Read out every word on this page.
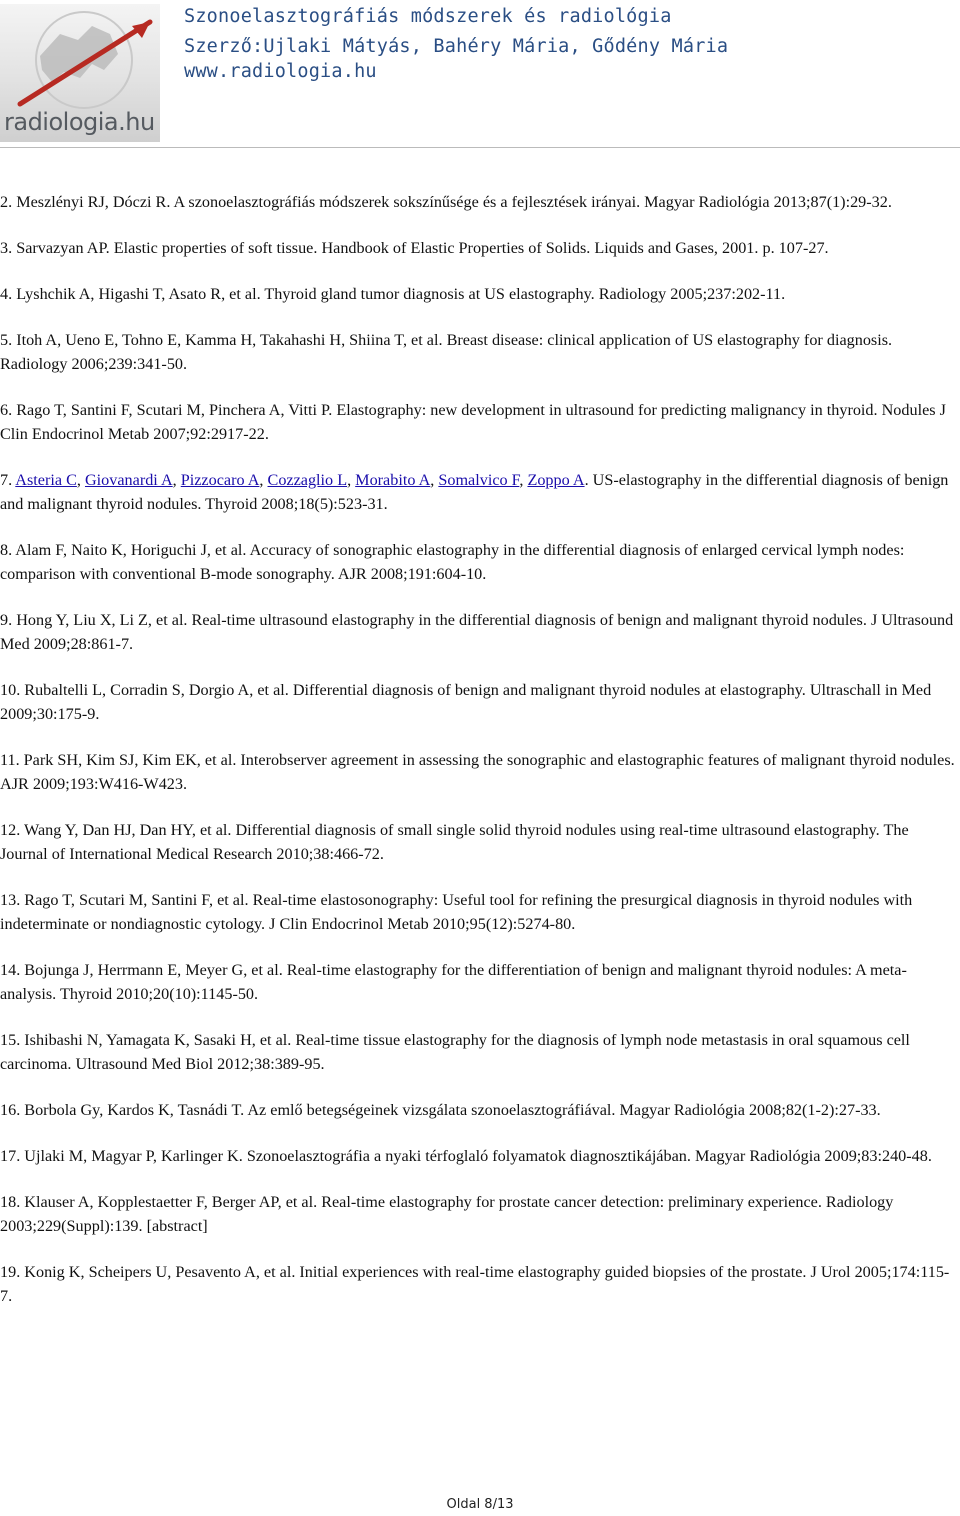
radiologia.hu
Szonoelasztográfiás módszerek és radiológia
Szerző:Ujlaki Mátyás, Bahéry Mária, Gődény Mária
www.radiologia.hu

2. Meszlényi RJ, Dóczi R. A szonoelasztográfiás módszerek sokszínűsége és a fejlesztések irányai. Magyar Radiológia 2013;87(1):29-32.

3. Sarvazyan AP. Elastic properties of soft tissue. Handbook of Elastic Properties of Solids. Liquids and Gases, 2001. p. 107-27.

4. Lyshchik A, Higashi T, Asato R, et al. Thyroid gland tumor diagnosis at US elastography. Radiology 2005;237:202-11.

5. Itoh A, Ueno E, Tohno E, Kamma H, Takahashi H, Shiina T, et al. Breast disease: clinical application of US elastography for diagnosis. Radiology 2006;239:341-50.

6. Rago T, Santini F, Scutari M, Pinchera A, Vitti P. Elastography: new development in ultrasound for predicting malignancy in thyroid. Nodules J Clin Endocrinol Metab 2007;92:2917-22.

7. Asteria C, Giovanardi A, Pizzocaro A, Cozzaglio L, Morabito A, Somalvico F, Zoppo A. US-elastography in the differential diagnosis of benign and malignant thyroid nodules. Thyroid 2008;18(5):523-31.

8. Alam F, Naito K, Horiguchi J, et al. Accuracy of sonographic elastography in the differential diagnosis of enlarged cervical lymph nodes: comparison with conventional B-mode sonography. AJR 2008;191:604-10.

9. Hong Y, Liu X, Li Z, et al. Real-time ultrasound elastography in the differential diagnosis of benign and malignant thyroid nodules. J Ultrasound Med 2009;28:861-7.

10. Rubaltelli L, Corradin S, Dorgio A, et al. Differential diagnosis of benign and malignant thyroid nodules at elastography. Ultraschall in Med 2009;30:175-9.

11. Park SH, Kim SJ, Kim EK, et al. Interobserver agreement in assessing the sonographic and elastographic features of malignant thyroid nodules. AJR 2009;193:W416-W423.

12. Wang Y, Dan HJ, Dan HY, et al. Differential diagnosis of small single solid thyroid nodules using real-time ultrasound elastography. The Journal of International Medical Research 2010;38:466-72.

13. Rago T, Scutari M, Santini F, et al. Real-time elastosonography: Useful tool for refining the presurgical diagnosis in thyroid nodules with indeterminate or nondiagnostic cytology. J Clin Endocrinol Metab 2010;95(12):5274-80.

14. Bojunga J, Herrmann E, Meyer G, et al. Real-time elastography for the differentiation of benign and malignant thyroid nodules: A meta-analysis. Thyroid 2010;20(10):1145-50.

15. Ishibashi N, Yamagata K, Sasaki H, et al. Real-time tissue elastography for the diagnosis of lymph node metastasis in oral squamous cell carcinoma. Ultrasound Med Biol 2012;38:389-95.

16. Borbola Gy, Kardos K, Tasnádi T. Az emlő betegségeinek vizsgálata szonoelasztográfiával. Magyar Radiológia 2008;82(1-2):27-33.

17. Ujlaki M, Magyar P, Karlinger K. Szonoelasztográfia a nyaki térfoglaló folyamatok diagnosztikájában. Magyar Radiológia 2009;83:240-48.

18. Klauser A, Kopplestaetter F, Berger AP, et al. Real-time elastography for prostate cancer detection: preliminary experience. Radiology 2003;229(Suppl):139. [abstract]

19. Konig K, Scheipers U, Pesavento A, et al. Initial experiences with real-time elastography guided biopsies of the prostate. J Urol 2005;174:115-7.

Oldal 8/13
